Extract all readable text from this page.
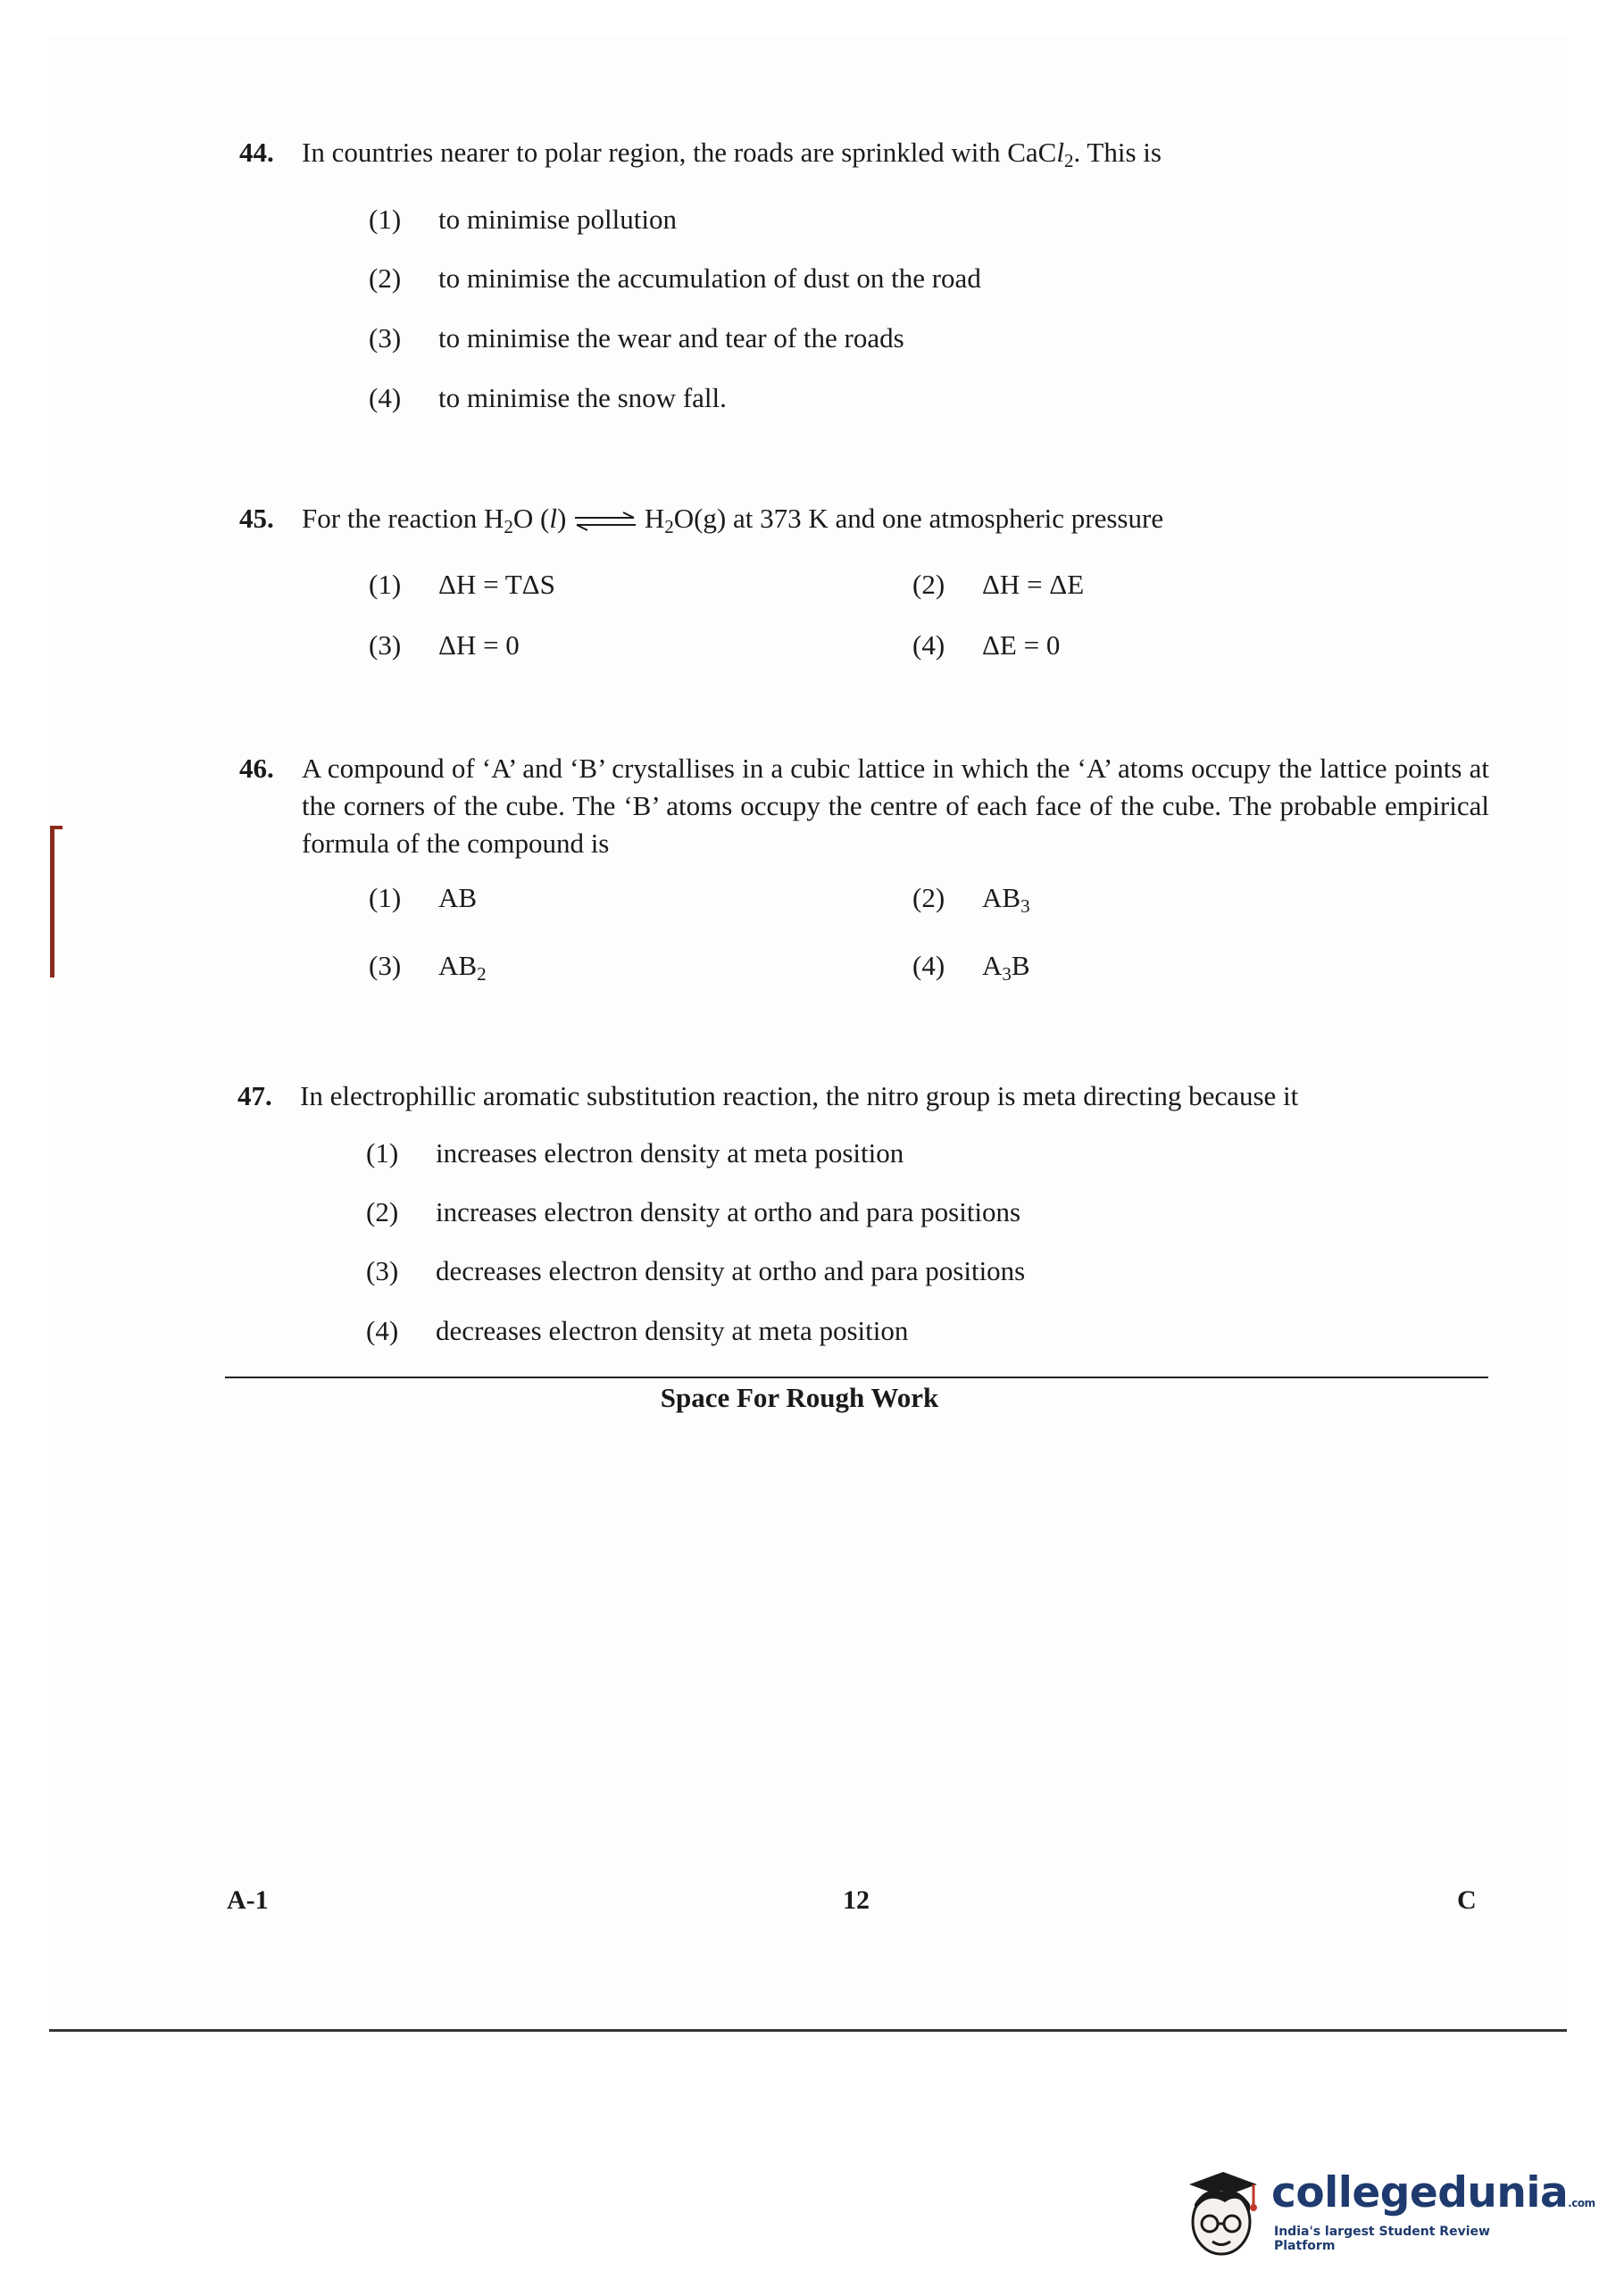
44. In countries nearer to polar region, the roads are sprinkled with CaCl$_2$. This is
(1) to minimise pollution
(2) to minimise the accumulation of dust on the road
(3) to minimise the wear and tear of the roads
(4) to minimise the snow fall.
45. For the reaction $H_2O$ (l) ⇌ $H_2O(g)$ at 373 K and one atmospheric pressure
(1) ΔH = TΔS	(2) ΔH = ΔE
(3) ΔH = 0	(4) ΔE = 0
46. A compound of ‘A’ and ‘B’ crystallises in a cubic lattice in which the ‘A’ atoms occupy the lattice points at the corners of the cube. The ‘B’ atoms occupy the centre of each face of the cube. The probable empirical formula of the compound is
(1) AB	(2) $AB_3$
(3) $AB_2$	(4) $A_3B$
47. In electrophillic aromatic substitution reaction, the nitro group is meta directing because it
(1) increases electron density at meta position
(2) increases electron density at ortho and para positions
(3) decreases electron density at ortho and para positions
(4) decreases electron density at meta position
Space For Rough Work
A-1	12	C
collegedunia.com
India's largest Student Review Platform
